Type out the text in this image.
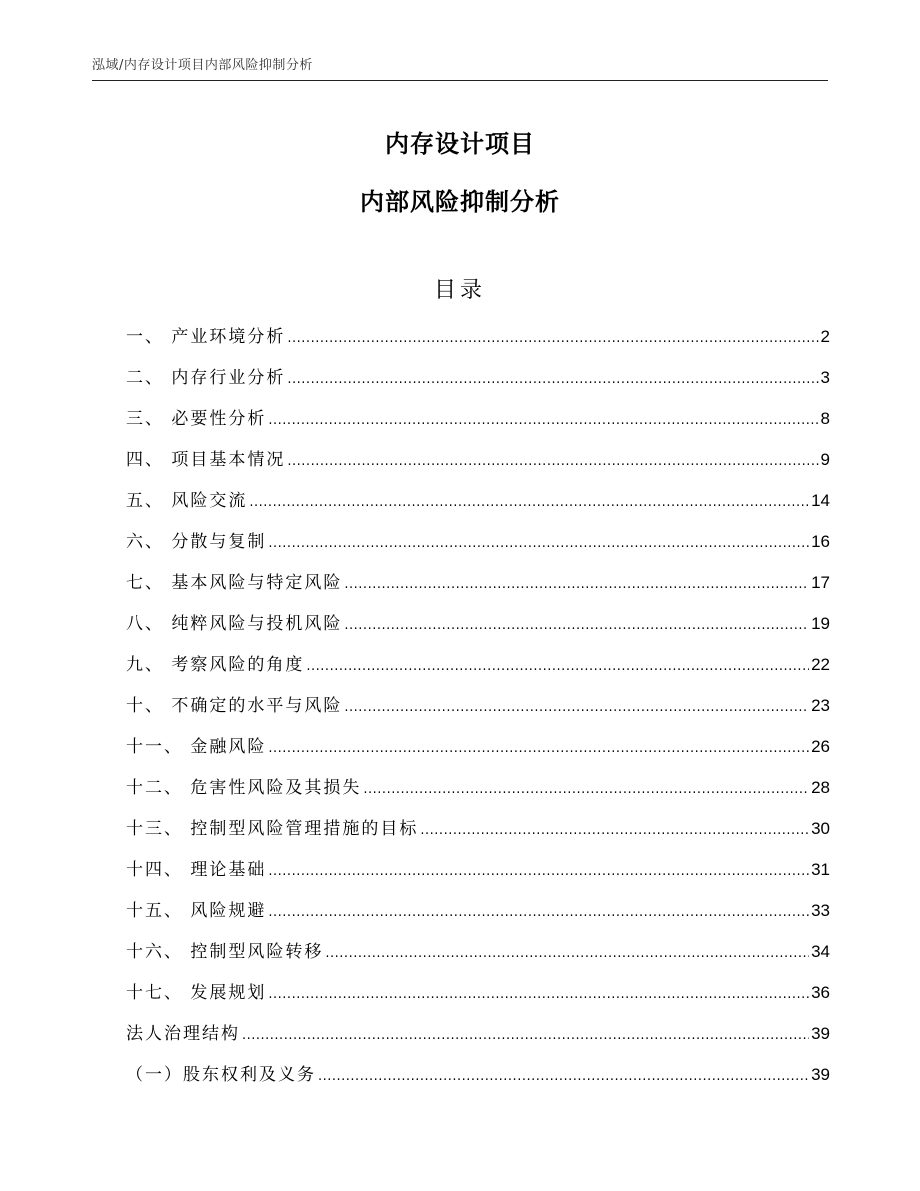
泓域/内存设计项目内部风险抑制分析
内存设计项目
内部风险抑制分析
目录
一、 产业环境分析 .....	2
二、 内存行业分析 .....	3
三、 必要性分析 .....	8
四、 项目基本情况 .....	9
五、 风险交流 .....	14
六、 分散与复制 .....	16
七、 基本风险与特定风险 .....	17
八、 纯粹风险与投机风险 .....	19
九、 考察风险的角度 .....	22
十、 不确定的水平与风险 .....	23
十一、 金融风险 .....	26
十二、 危害性风险及其损失 .....	28
十三、 控制型风险管理措施的目标 .....	30
十四、 理论基础 .....	31
十五、 风险规避 .....	33
十六、 控制型风险转移 .....	34
十七、 发展规划 .....	36
法人治理结构 .....	39
（一）股东权利及义务 .....	39
